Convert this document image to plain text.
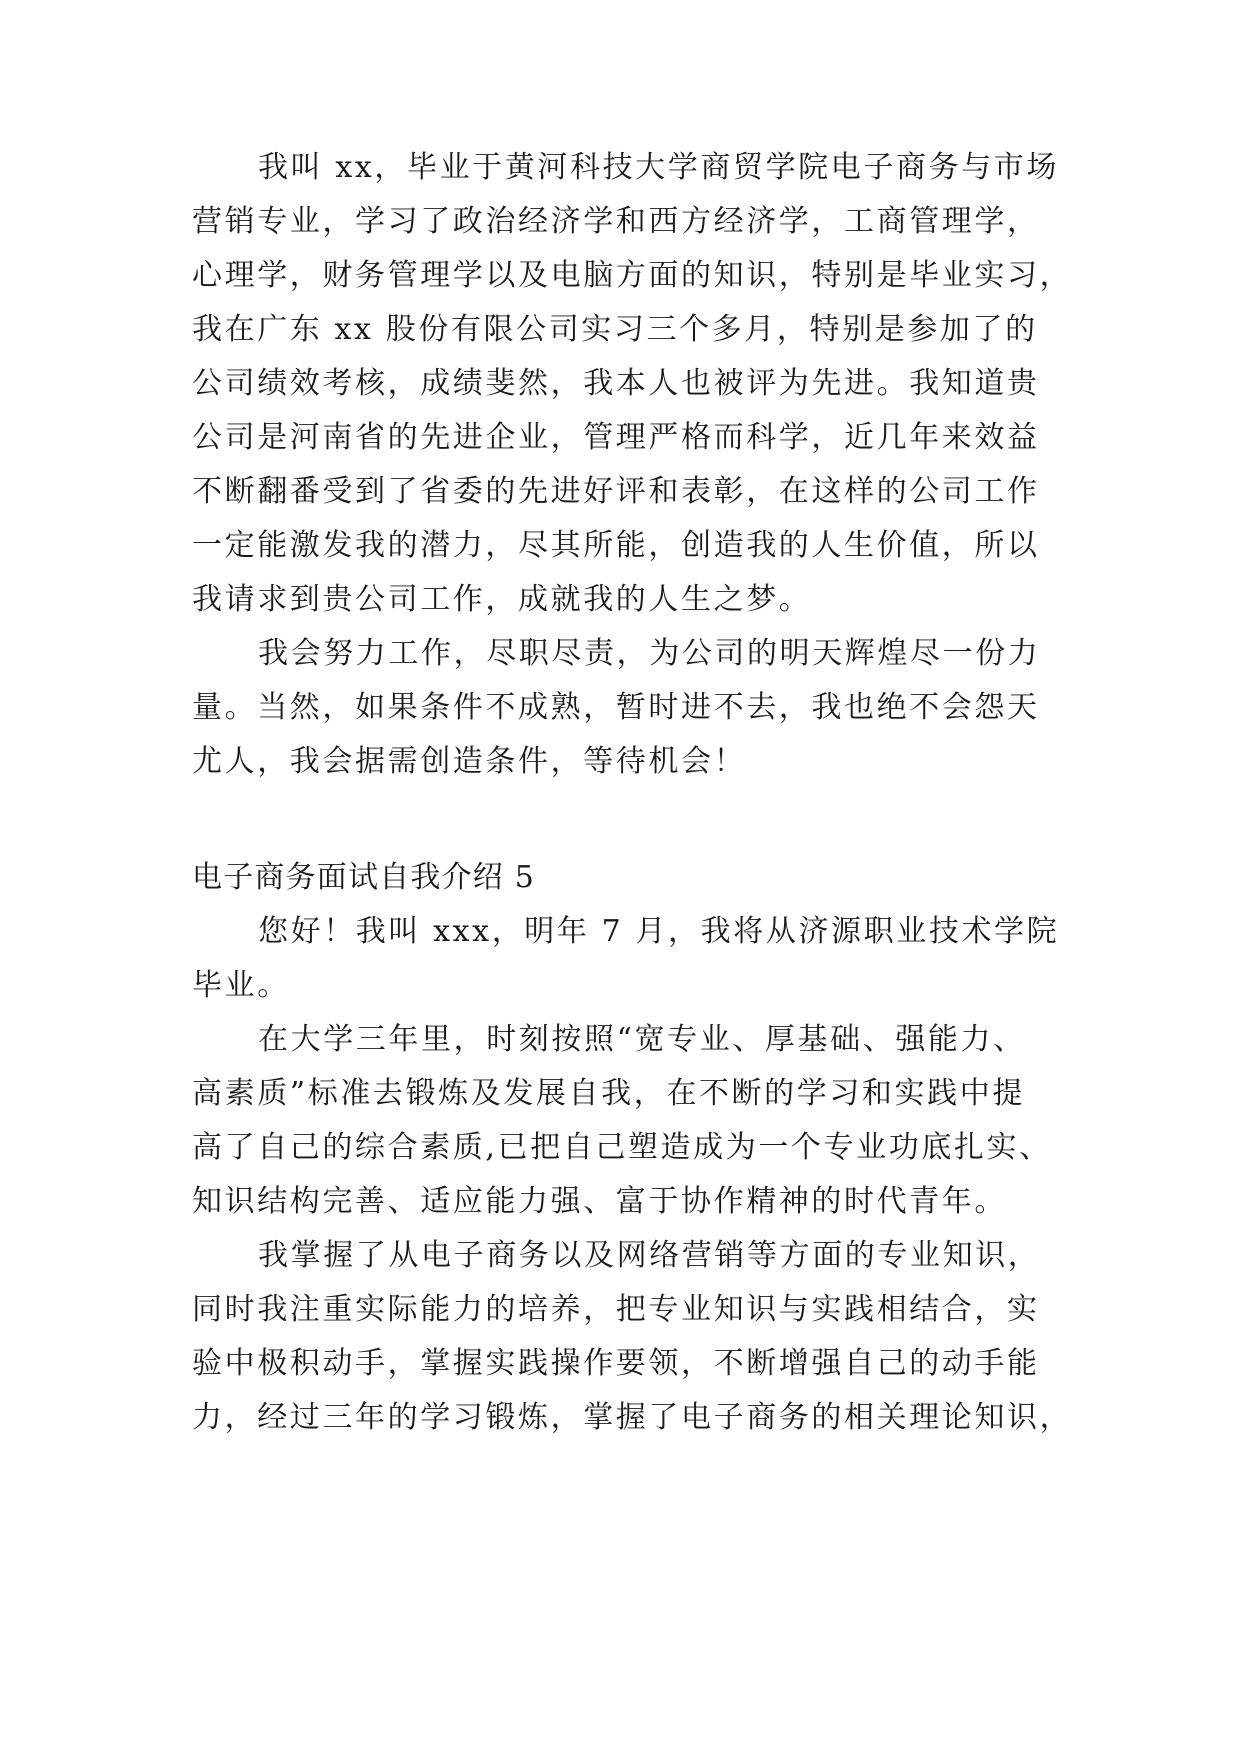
我叫 xx，毕业于黄河科技大学商贸学院电子商务与市场
营销专业，学习了政治经济学和西方经济学，工商管理学，
心理学，财务管理学以及电脑方面的知识，特别是毕业实习，
我在广东 xx 股份有限公司实习三个多月，特别是参加了的
公司绩效考核，成绩斐然，我本人也被评为先进。我知道贵
公司是河南省的先进企业，管理严格而科学，近几年来效益
不断翻番受到了省委的先进好评和表彰，在这样的公司工作
一定能激发我的潜力，尽其所能，创造我的人生价值，所以
我请求到贵公司工作，成就我的人生之梦。
我会努力工作，尽职尽责，为公司的明天辉煌尽一份力
量。当然，如果条件不成熟，暂时进不去，我也绝不会怨天
尤人，我会据需创造条件，等待机会！
电子商务面试自我介绍 5
您好！我叫 xxx，明年 7 月，我将从济源职业技术学院
毕业。
在大学三年里，时刻按照“宽专业、厚基础、强能力、
高素质”标准去锻炼及发展自我，在不断的学习和实践中提
高了自己的综合素质,已把自己塑造成为一个专业功底扎实、
知识结构完善、适应能力强、富于协作精神的时代青年。
我掌握了从电子商务以及网络营销等方面的专业知识，
同时我注重实际能力的培养，把专业知识与实践相结合，实
验中极积动手，掌握实践操作要领，不断增强自己的动手能
力，经过三年的学习锻炼，掌握了电子商务的相关理论知识，
